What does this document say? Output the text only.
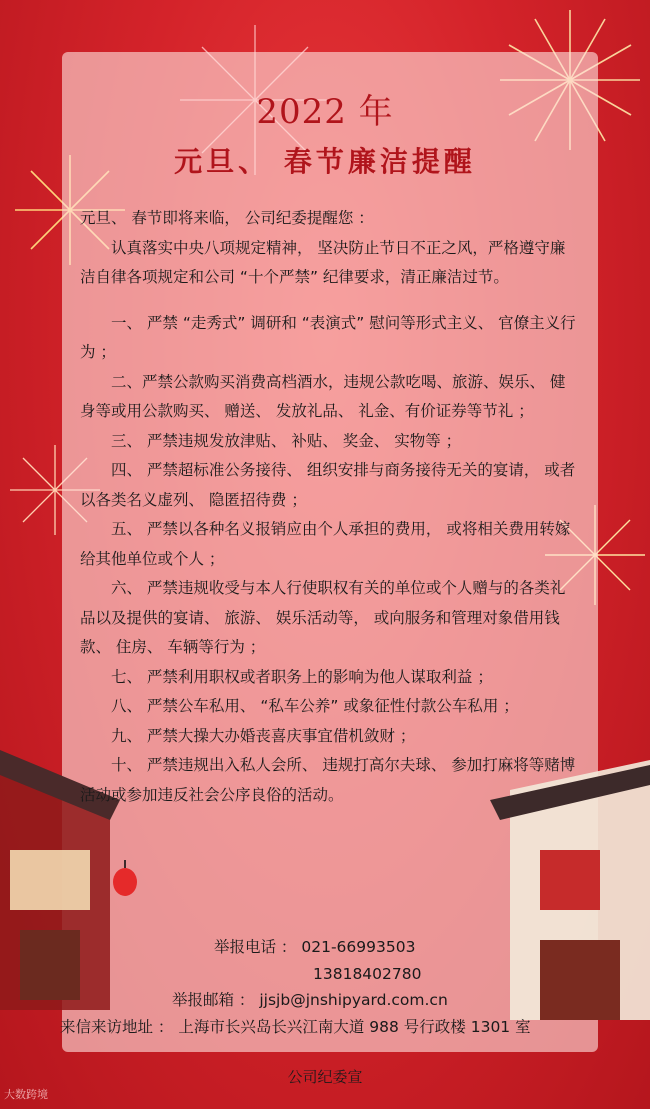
2022 年
元旦、 春节廉洁提醒

元旦、 春节即将来临， 公司纪委提醒您 ：

认真落实中央八项规定精神， 坚决防止节日不正之风，严格遵守廉洁自律各项规定和公司 “十个严禁” 纪律要求，清正廉洁过节。

一、 严禁 “走秀式” 调研和 “表演式” 慰问等形式主义、 官僚主义行为 ；

二、严禁公款购买消费高档酒水，违规公款吃喝、旅游、娱乐、 健身等或用公款购买、 赠送、 发放礼品、 礼金、有价证券等节礼 ；

三、 严禁违规发放津贴、 补贴、 奖金、 实物等 ；

四、 严禁超标准公务接待、 组织安排与商务接待无关的宴请， 或者以各类名义虚列、 隐匿招待费 ；

五、 严禁以各种名义报销应由个人承担的费用， 或将相关费用转嫁给其他单位或个人 ；

六、 严禁违规收受与本人行使职权有关的单位或个人赠与的各类礼品以及提供的宴请、 旅游、 娱乐活动等， 或向服务和管理对象借用钱款、 住房、 车辆等行为 ；

七、 严禁利用职权或者职务上的影响为他人谋取利益 ；

八、 严禁公车私用、 “私车公养” 或象征性付款公车私用 ；

九、 严禁大操大办婚丧喜庆事宜借机敛财 ；

十、 严禁违规出入私人会所、 违规打高尔夫球、 参加打麻将等赌博活动或参加违反社会公序良俗的活动。

举报电话 ： 021-66993503
13818402780
举报邮箱 ： jjsjb@jnshipyard.com.cn
来信来访地址 ： 上海市长兴岛长兴江南大道 988 号行政楼 1301 室
公司纪委宣
大数跨境
